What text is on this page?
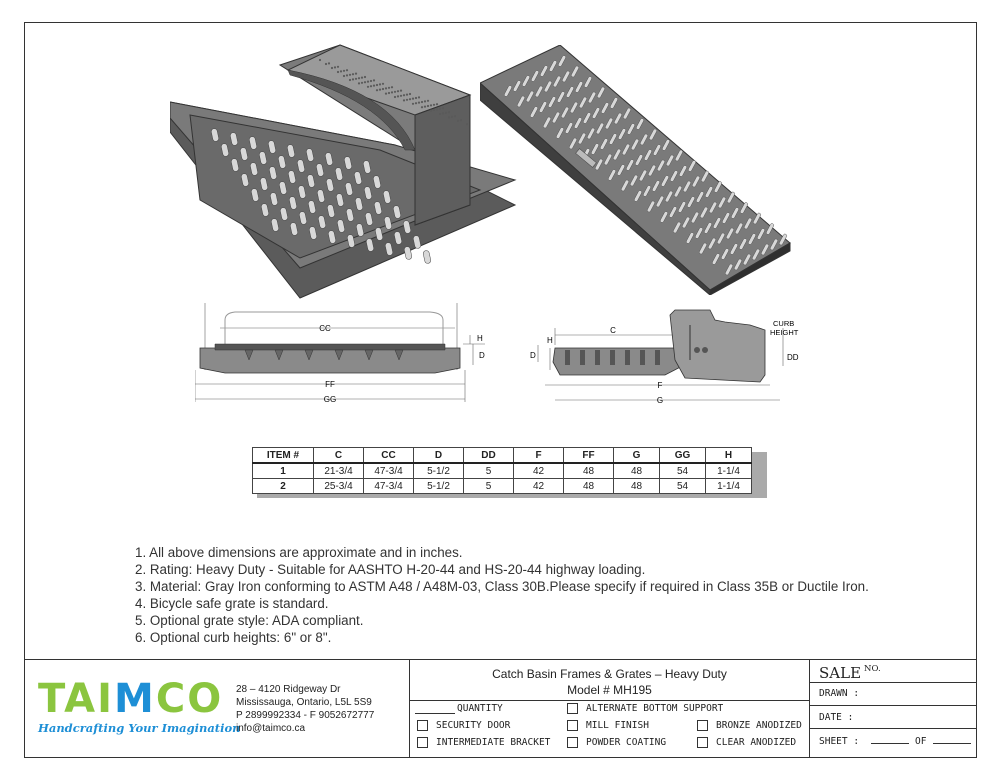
CC
H
D
FF
GG
C
H
D
CURB
HEIGHT
DD
F
G
ITEM #	C	CC	D	DD	F	FF	G	GG	H
1	21-3/4	47-3/4	5-1/2	5	42	48	48	54	1-1/4
2	25-3/4	47-3/4	5-1/2	5	42	48	48	54	1-1/4
1. All above dimensions are approximate and in inches.
2. Rating: Heavy Duty - Suitable for AASHTO H-20-44 and HS-20-44 highway loading.
3. Material: Gray Iron conforming to ASTM A48 / A48M-03, Class 30B.Please specify if required in Class 35B or Ductile Iron.
4. Bicycle safe grate is standard.
5. Optional grate style: ADA compliant.
6. Optional curb heights: 6" or 8".
TAIMCO
Handcrafting Your Imagination
28 – 4120 Ridgeway Dr
Mississauga, Ontario, L5L 5S9
P 2899992334 - F 9052672777
info@taimco.ca
Catch Basin Frames & Grates – Heavy Duty
Model # MH195
QUANTITY	ALTERNATE BOTTOM SUPPORT
SECURITY DOOR	MILL FINISH	BRONZE ANODIZED
INTERMEDIATE BRACKET	POWDER COATING	CLEAR ANODIZED
SALE $^{NO.}$
DRAWN :
DATE :
SHEET :	OF
